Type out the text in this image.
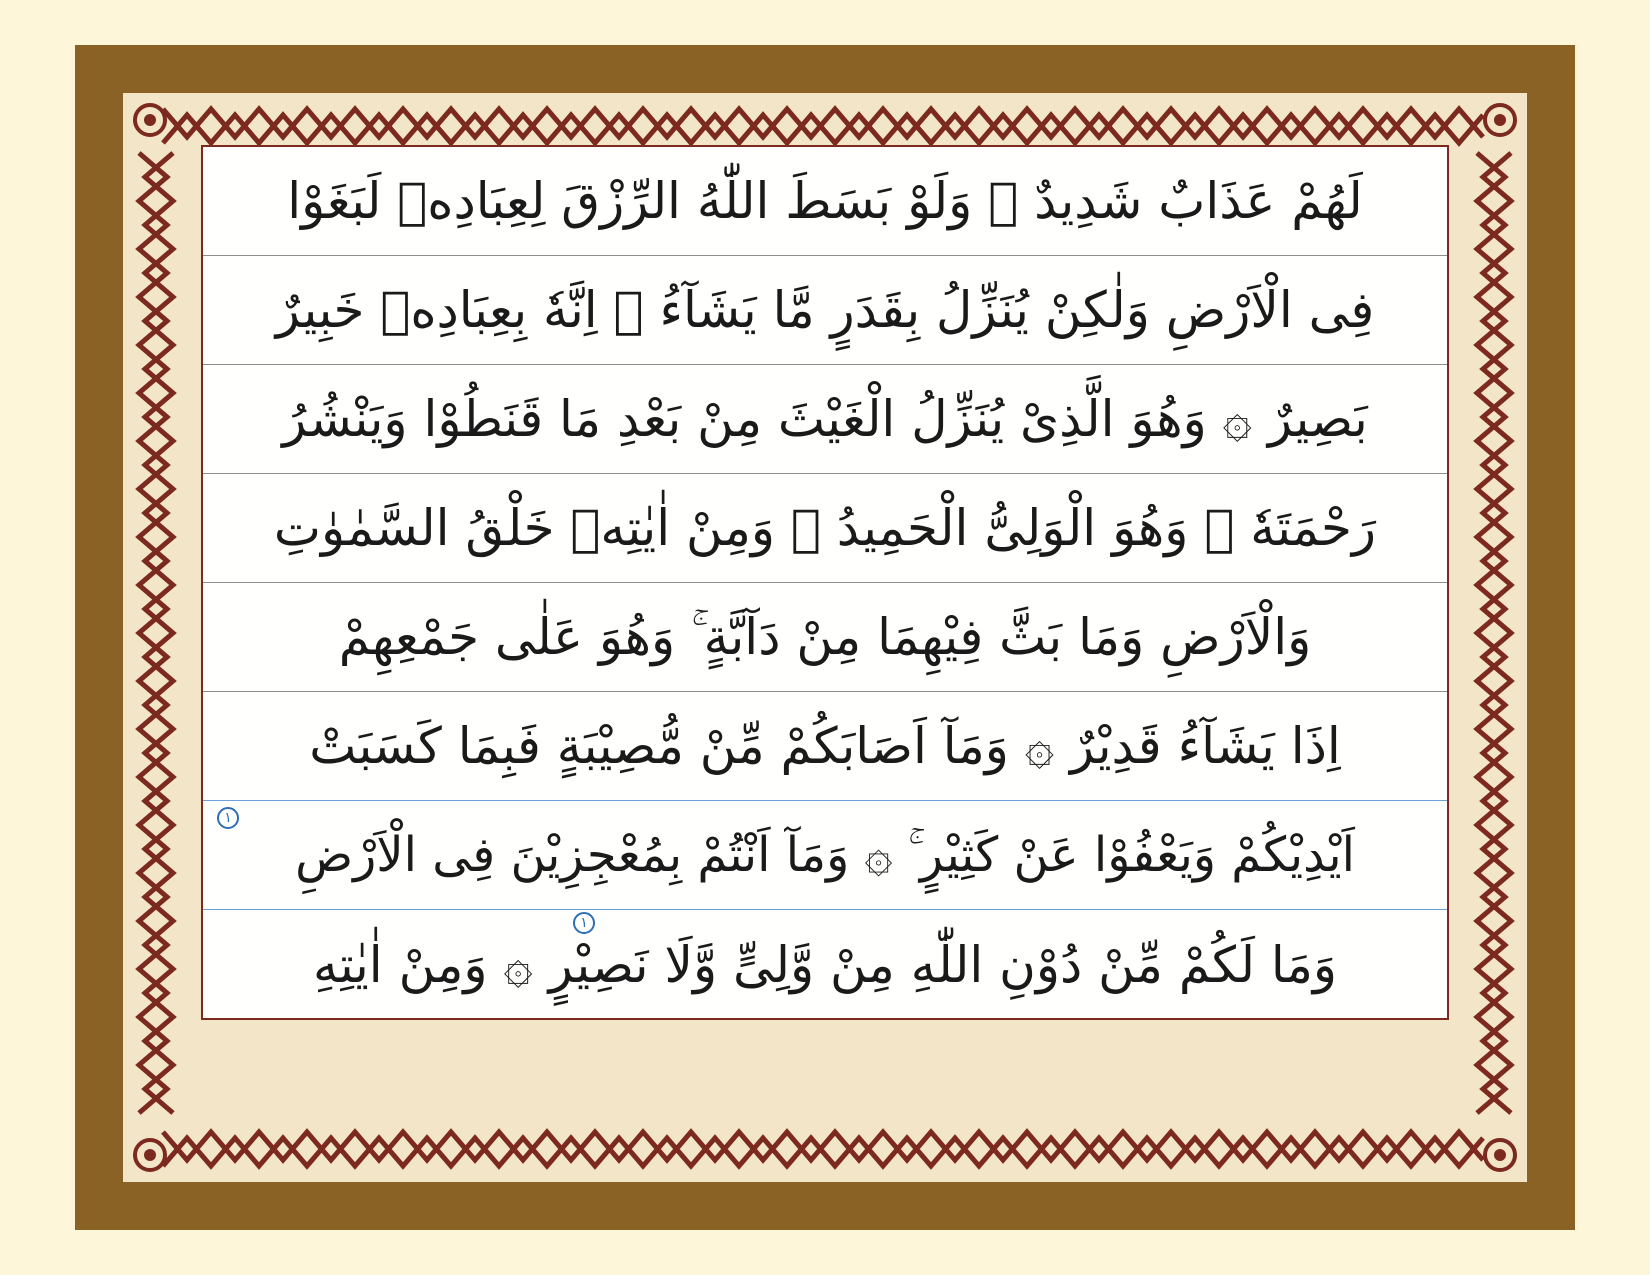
لَهُمْ عَذَابٌ شَدِيدٌ ۞ وَلَوْ بَسَطَ اللّٰهُ الرِّزْقَ لِعِبَادِهٖ لَبَغَوْا
فِى الْاَرْضِ وَلٰكِنْ يُنَزِّلُ بِقَدَرٍ مَّا يَشَآءُ ۖ اِنَّهٗ بِعِبَادِهٖ خَبِيرٌ
بَصِيرٌ ۞ وَهُوَ الَّذِىْ يُنَزِّلُ الْغَيْثَ مِنْ بَعْدِ مَا قَنَطُوْا وَيَنْشُرُ
رَحْمَتَهٗ ۚ وَهُوَ الْوَلِىُّ الْحَمِيدُ ۞ وَمِنْ اٰيٰتِهٖ خَلْقُ السَّمٰوٰتِ
وَالْاَرْضِ وَمَا بَثَّ فِيْهِمَا مِنْ دَآبَّةٍ ۚ وَهُوَ عَلٰى جَمْعِهِمْ
اِذَا يَشَآءُ قَدِيْرٌ ۞ وَمَآ اَصَابَكُمْ مِّنْ مُّصِيْبَةٍ فَبِمَا كَسَبَتْ
١
اَيْدِيْكُمْ وَيَعْفُوْا عَنْ كَثِيْرٍ ۚ ۞ وَمَآ اَنْتُمْ بِمُعْجِزِيْنَ فِى الْاَرْضِ
١
وَمَا لَكُمْ مِّنْ دُوْنِ اللّٰهِ مِنْ وَّلِىٍّ وَّلَا نَصِيْرٍ ۞ وَمِنْ اٰيٰتِهِ
